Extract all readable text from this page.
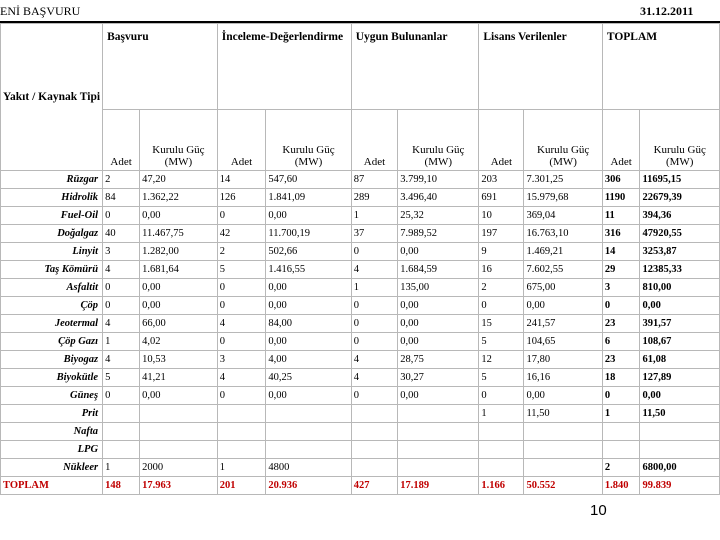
ENİ BAŞVURU	31.12.2011
Yakıt / Kaynak Tipi	Başvuru		İnceleme-Değerlendirme		Uygun Bulunanlar		Lisans Verilenler		TOPLAM	
	Adet	Kurulu Güç (MW)	Adet	Kurulu Güç (MW)	Adet	Kurulu Güç (MW)	Adet	Kurulu Güç (MW)	Adet	Kurulu Güç (MW)
Rüzgar	2	47,20	14	547,60	87	3.799,10	203	7.301,25	306	11695,15
Hidrolik	84	1.362,22	126	1.841,09	289	3.496,40	691	15.979,68	1190	22679,39
Fuel-Oil	0	0,00	0	0,00	1	25,32	10	369,04	11	394,36
Doğalgaz	40	11.467,75	42	11.700,19	37	7.989,52	197	16.763,10	316	47920,55
Linyit	3	1.282,00	2	502,66	0	0,00	9	1.469,21	14	3253,87
Taş Kömürü	4	1.681,64	5	1.416,55	4	1.684,59	16	7.602,55	29	12385,33
Asfaltit	0	0,00	0	0,00	1	135,00	2	675,00	3	810,00
Çöp	0	0,00	0	0,00	0	0,00	0	0,00	0	0,00
Jeotermal	4	66,00	4	84,00	0	0,00	15	241,57	23	391,57
Çöp Gazı	1	4,02	0	0,00	0	0,00	5	104,65	6	108,67
Biyogaz	4	10,53	3	4,00	4	28,75	12	17,80	23	61,08
Biyokütle	5	41,21	4	40,25	4	30,27	5	16,16	18	127,89
Güneş	0	0,00	0	0,00	0	0,00	0	0,00	0	0,00
Prit							1	11,50	1	11,50
Nafta										
LPG										
Nükleer	1	2000	1	4800					2	6800,00
TOPLAM	148	17.963	201	20.936	427	17.189	1.166	50.552	1.840	99.839
10
